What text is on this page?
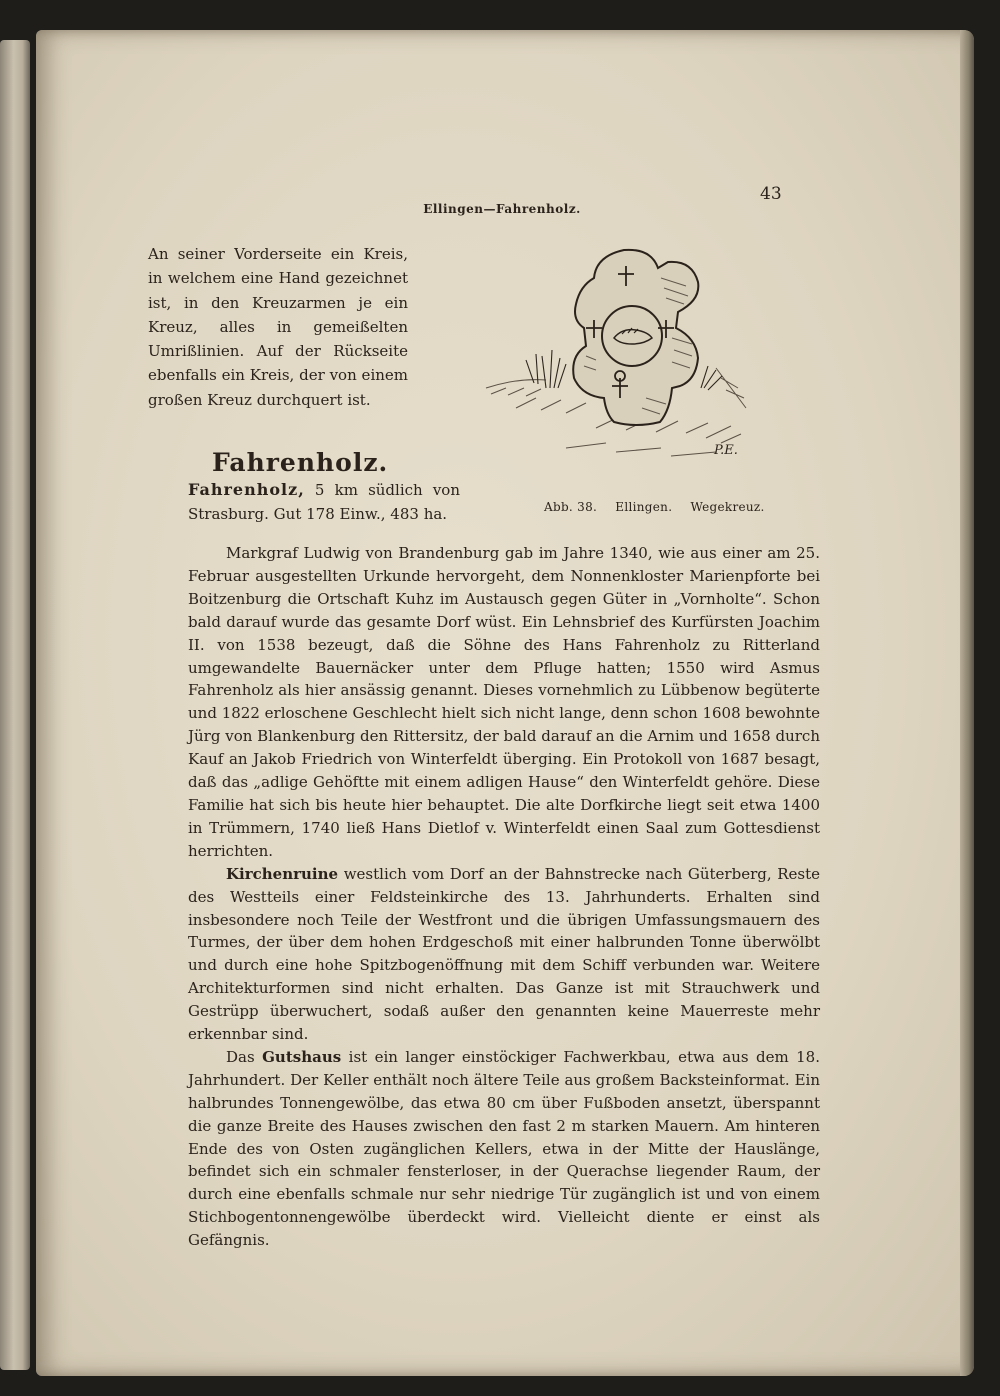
Ellingen—Fahrenholz.
43

An seiner Vorderseite ein Kreis, in welchem eine Hand gezeichnet ist, in den Kreuzarmen je ein Kreuz, alles in gemeißelten Umrißlinien. Auf der Rückseite ebenfalls ein Kreis, der von einem großen Kreuz durchquert ist.

P.E.
Abb. 38. Ellingen. Wegekreuz.
Fahrenholz.
Fahrenholz, 5 km südlich von Strasburg. Gut 178 Einw., 483 ha.

Markgraf Ludwig von Brandenburg gab im Jahre 1340, wie aus einer am 25. Februar ausgestellten Urkunde hervorgeht, dem Nonnenkloster Marienpforte bei Boitzenburg die Ortschaft Kuhz im Austausch gegen Güter in „Vornholte“. Schon bald darauf wurde das gesamte Dorf wüst. Ein Lehnsbrief des Kurfürsten Joachim II. von 1538 bezeugt, daß die Söhne des Hans Fahrenholz zu Ritterland umgewandelte Bauernäcker unter dem Pfluge hatten; 1550 wird Asmus Fahrenholz als hier ansässig genannt. Dieses vornehmlich zu Lübbenow begüterte und 1822 erloschene Geschlecht hielt sich nicht lange, denn schon 1608 bewohnte Jürg von Blankenburg den Rittersitz, der bald darauf an die Arnim und 1658 durch Kauf an Jakob Friedrich von Winterfeldt überging. Ein Protokoll von 1687 besagt, daß das „adlige Gehöftte mit einem adligen Hause“ den Winterfeldt gehöre. Diese Familie hat sich bis heute hier behauptet. Die alte Dorfkirche liegt seit etwa 1400 in Trümmern, 1740 ließ Hans Dietlof v. Winterfeldt einen Saal zum Gottesdienst herrichten.

Kirchenruine westlich vom Dorf an der Bahnstrecke nach Güterberg, Reste des Westteils einer Feldsteinkirche des 13. Jahrhunderts. Erhalten sind insbesondere noch Teile der Westfront und die übrigen Umfassungsmauern des Turmes, der über dem hohen Erdgeschoß mit einer halbrunden Tonne überwölbt und durch eine hohe Spitzbogenöffnung mit dem Schiff verbunden war. Weitere Architekturformen sind nicht erhalten. Das Ganze ist mit Strauchwerk und Gestrüpp überwuchert, sodaß außer den genannten keine Mauerreste mehr erkennbar sind.

Das Gutshaus ist ein langer einstöckiger Fachwerkbau, etwa aus dem 18. Jahrhundert. Der Keller enthält noch ältere Teile aus großem Backsteinformat. Ein halbrundes Tonnengewölbe, das etwa 80 cm über Fußboden ansetzt, überspannt die ganze Breite des Hauses zwischen den fast 2 m starken Mauern. Am hinteren Ende des von Osten zugänglichen Kellers, etwa in der Mitte der Hauslänge, befindet sich ein schmaler fensterloser, in der Querachse liegender Raum, der durch eine ebenfalls schmale nur sehr niedrige Tür zugänglich ist und von einem Stichbogentonnengewölbe überdeckt wird. Vielleicht diente er einst als Gefängnis.
